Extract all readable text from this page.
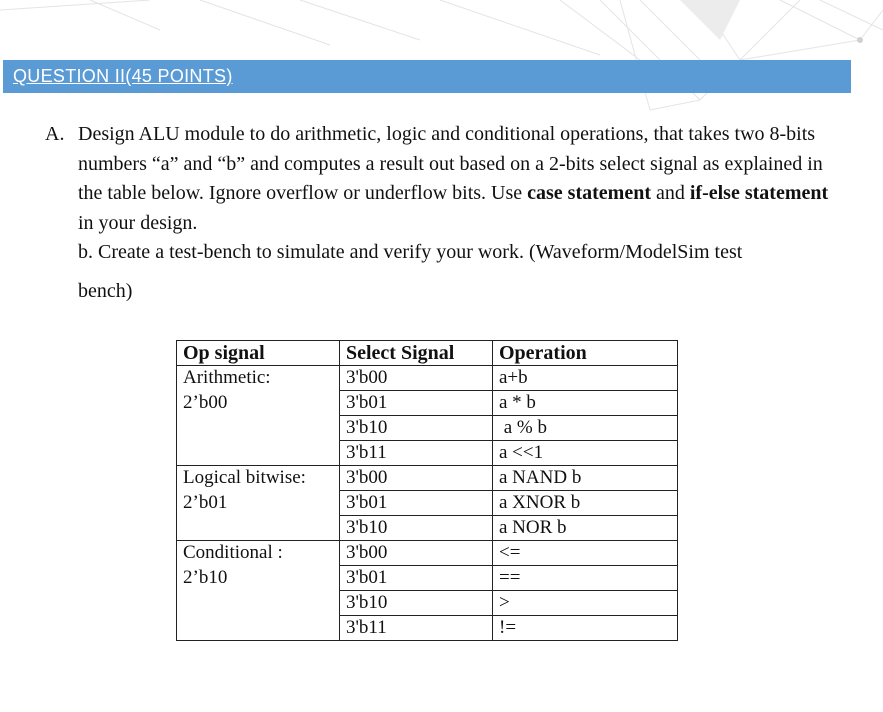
QUESTION II(45 POINTS)
A. Design ALU module to do arithmetic, logic and conditional operations, that takes two 8-bits numbers “a” and “b” and computes a result out based on a 2-bits select signal as explained in the table below. Ignore overflow or underflow bits. Use case statement and if-else statement in your design.
b. Create a test-bench to simulate and verify your work. (Waveform/ModelSim test
bench)
Op signal	Select Signal	Operation
Arithmetic:	3'b00	a+b
2’b00	3'b01	a * b
	3'b10	a % b
	3'b11	a <<1
Logical bitwise:	3'b00	a NAND b
2’b01	3'b01	a XNOR b
	3'b10	a NOR b
Conditional :	3'b00	<=
2’b10	3'b01	==
	3'b10	>
	3'b11	!=
